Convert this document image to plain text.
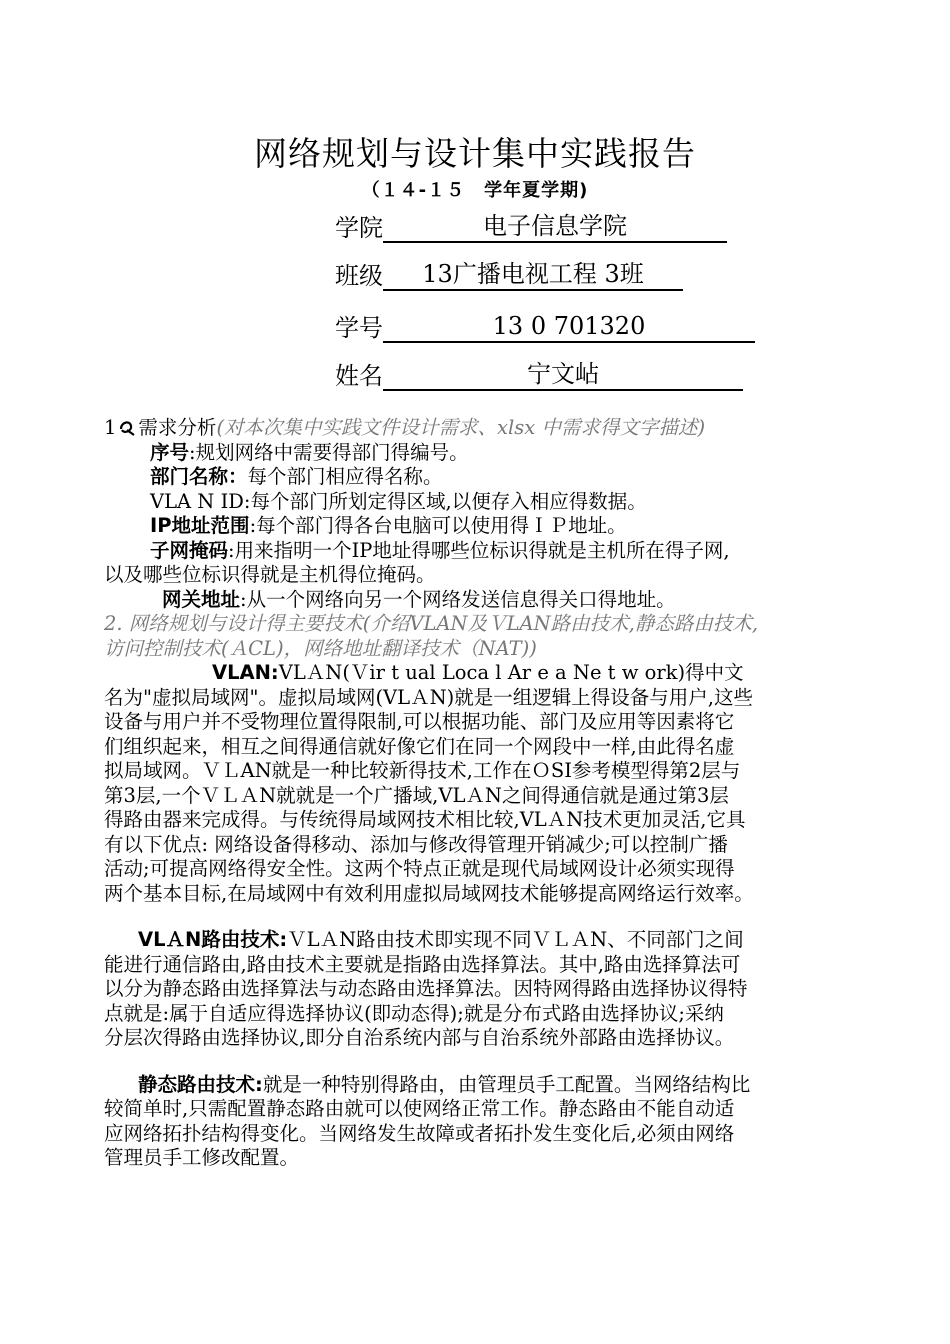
网络规划与设计集中实践报告
（１４-１５　学年夏学期)
学院	电子信息学院
班级 13广播电视工程 3班
学号	13 0 701320
姓名	宁文岾
1 需求分析(对本次集中实践文件设计需求、xlsx 中需求得文字描述)
序号:规划网络中需要得部门得编号。
部门名称：每个部门相应得名称。
VLA N ID:每个部门所划定得区域,以便存入相应得数据。
IP地址范围:每个部门得各台电脑可以使用得ＩＰ地址。
子网掩码:用来指明一个IP地址得哪些位标识得就是主机所在得子网,
以及哪些位标识得就是主机得位掩码。
网关地址:从一个网络向另一个网络发送信息得关口得地址。
2. 网络规划与设计得主要技术(介绍VLAN及ＶLAN路由技术,静态路由技术,
访问控制技术(ＡCL)，网络地址翻译技术（NAT))
VLAN:VLＡN(Ｖir t ual Loca l Ar e a Ne t w ork)得中文
名为"虚拟局域网"。虚拟局域网(VLＡN)就是一组逻辑上得设备与用户,这些
设备与用户并不受物理位置得限制,可以根据功能、部门及应用等因素将它
们组织起来，相互之间得通信就好像它们在同一个网段中一样,由此得名虚
拟局域网。ＶＬAN就是一种比较新得技术,工作在ＯSI参考模型得第2层与
第3层,一个ＶＬＡN就就是一个广播域,VLＡN之间得通信就是通过第3层
得路由器来完成得。与传统得局域网技术相比较,VLＡN技术更加灵活,它具
有以下优点: 网络设备得移动、添加与修改得管理开销减少;可以控制广播
活动;可提高网络得安全性。这两个特点正就是现代局域网设计必须实现得
两个基本目标,在局域网中有效利用虚拟局域网技术能够提高网络运行效率。
VLＡN路由技术:ＶLＡN路由技术即实现不同ＶＬＡN、不同部门之间
能进行通信路由,路由技术主要就是指路由选择算法。其中,路由选择算法可
以分为静态路由选择算法与动态路由选择算法。因特网得路由选择协议得特
点就是:属于自适应得选择协议(即动态得);就是分布式路由选择协议;采纳
分层次得路由选择协议,即分自治系统内部与自治系统外部路由选择协议。
静态路由技术:就是一种特别得路由，由管理员手工配置。当网络结构比
较简单时,只需配置静态路由就可以使网络正常工作。静态路由不能自动适
应网络拓扑结构得变化。当网络发生故障或者拓扑发生变化后,必须由网络
管理员手工修改配置。
